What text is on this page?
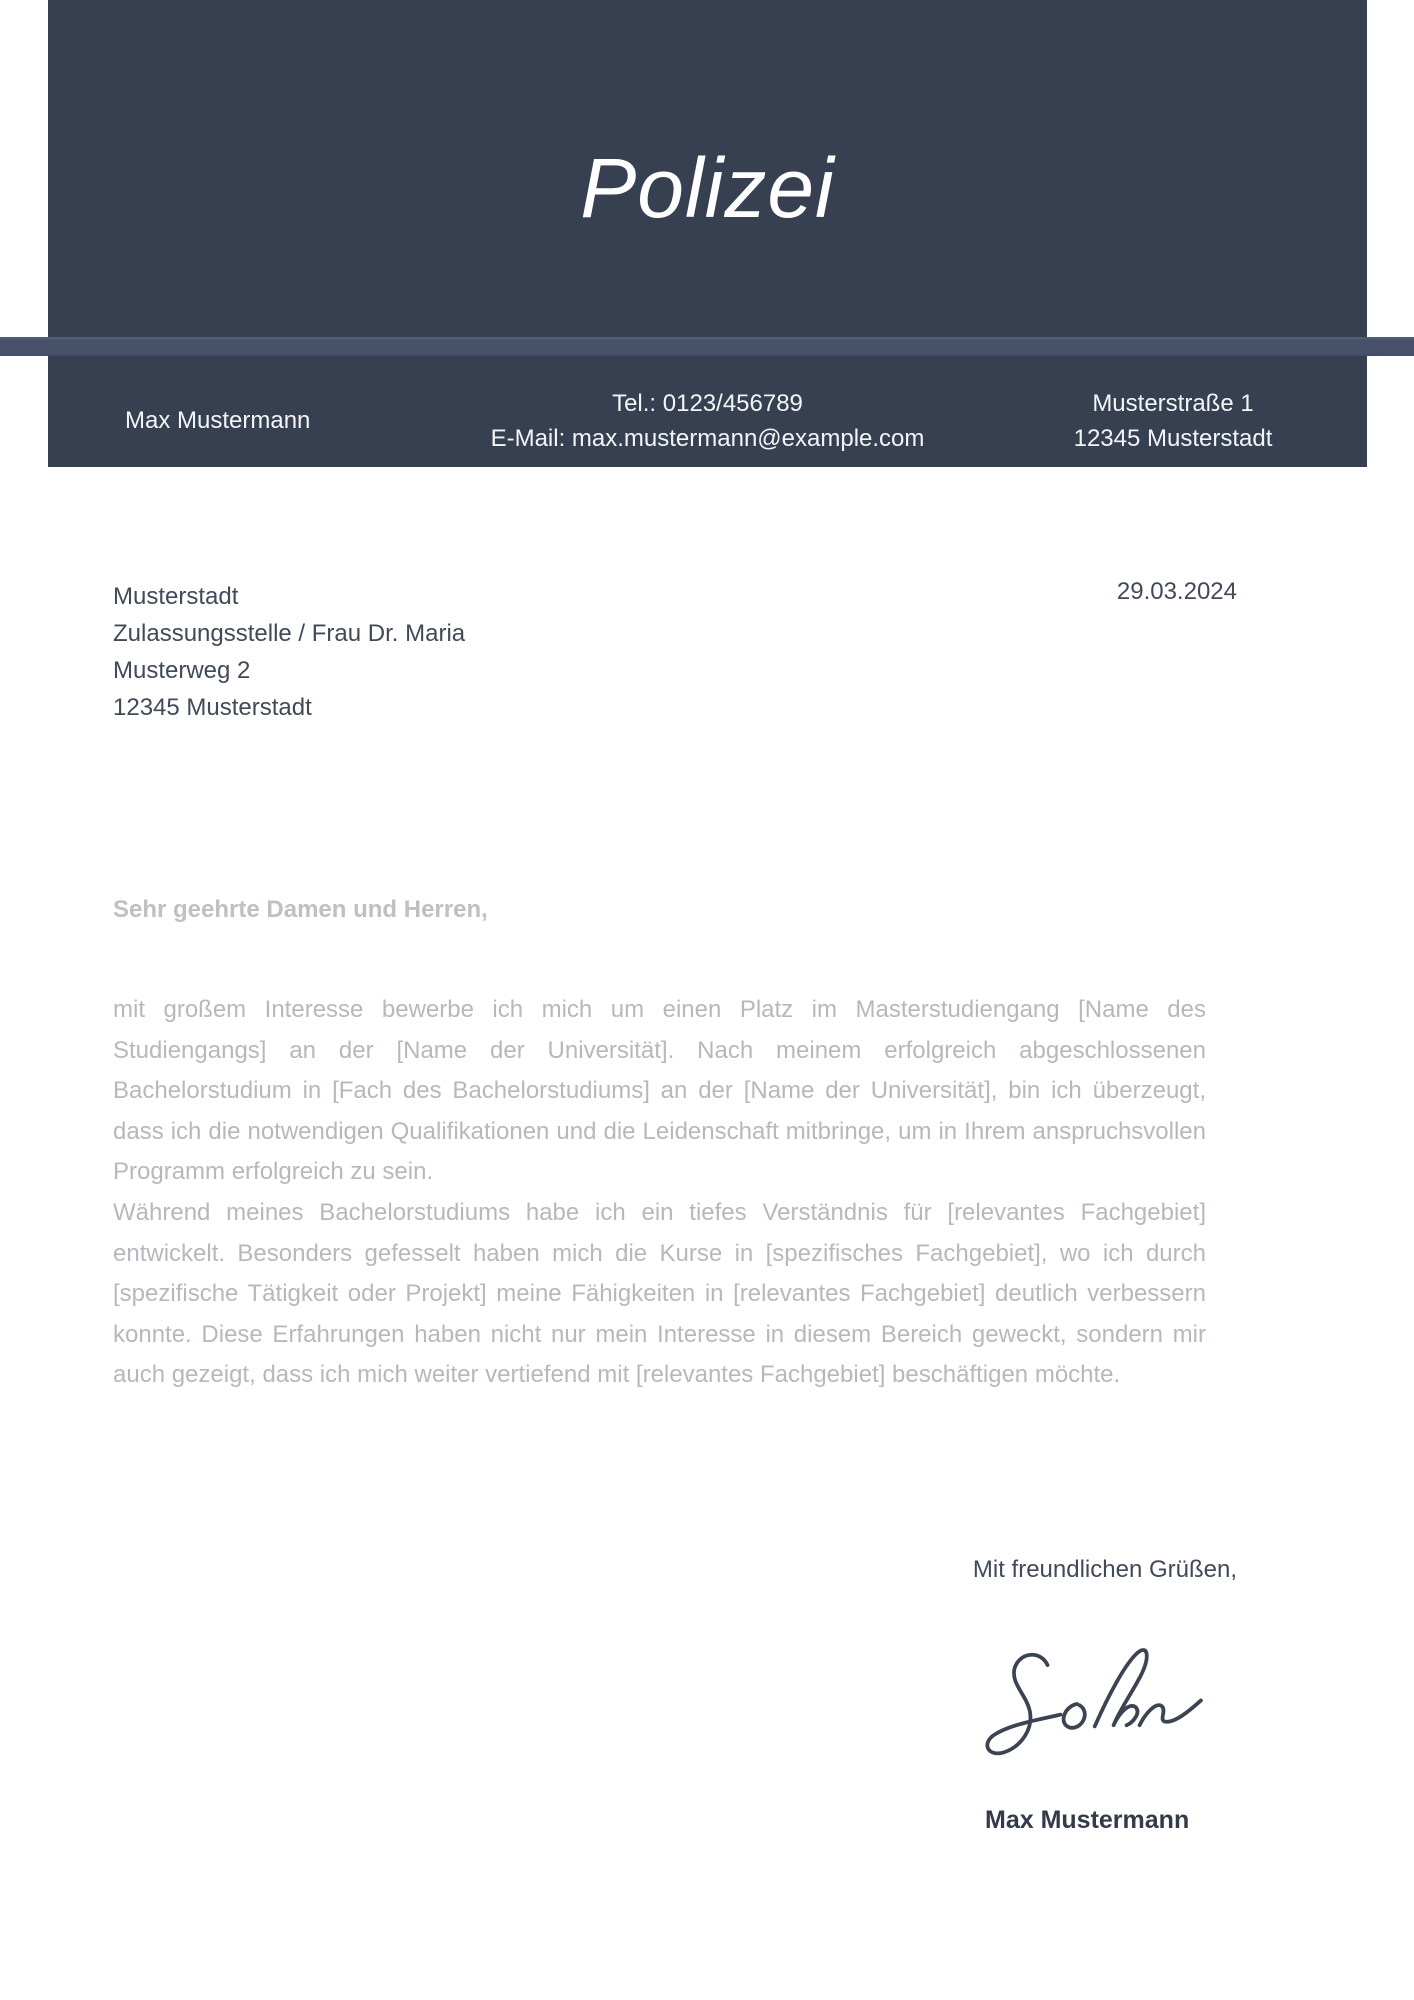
Polizei
Max Mustermann
Tel.: 0123/456789
E-Mail: max.mustermann@example.com
Musterstraße 1
12345 Musterstadt
Musterstadt
Zulassungsstelle / Frau Dr. Maria
Musterweg 2
12345 Musterstadt
29.03.2024
Sehr geehrte Damen und Herren,

mit großem Interesse bewerbe ich mich um einen Platz im Masterstudiengang [Name des Studiengangs] an der [Name der Universität]. Nach meinem erfolgreich abgeschlossenen Bachelorstudium in [Fach des Bachelorstudiums] an der [Name der Universität], bin ich überzeugt, dass ich die notwendigen Qualifikationen und die Leidenschaft mitbringe, um in Ihrem anspruchsvollen Programm erfolgreich zu sein.

Während meines Bachelorstudiums habe ich ein tiefes Verständnis für [relevantes Fachgebiet] entwickelt. Besonders gefesselt haben mich die Kurse in [spezifisches Fachgebiet], wo ich durch [spezifische Tätigkeit oder Projekt] meine Fähigkeiten in [relevantes Fachgebiet] deutlich verbessern konnte. Diese Erfahrungen haben nicht nur mein Interesse in diesem Bereich geweckt, sondern mir auch gezeigt, dass ich mich weiter vertiefend mit [relevantes Fachgebiet] beschäftigen möchte.

Mit freundlichen Grüßen,
Max Mustermann
